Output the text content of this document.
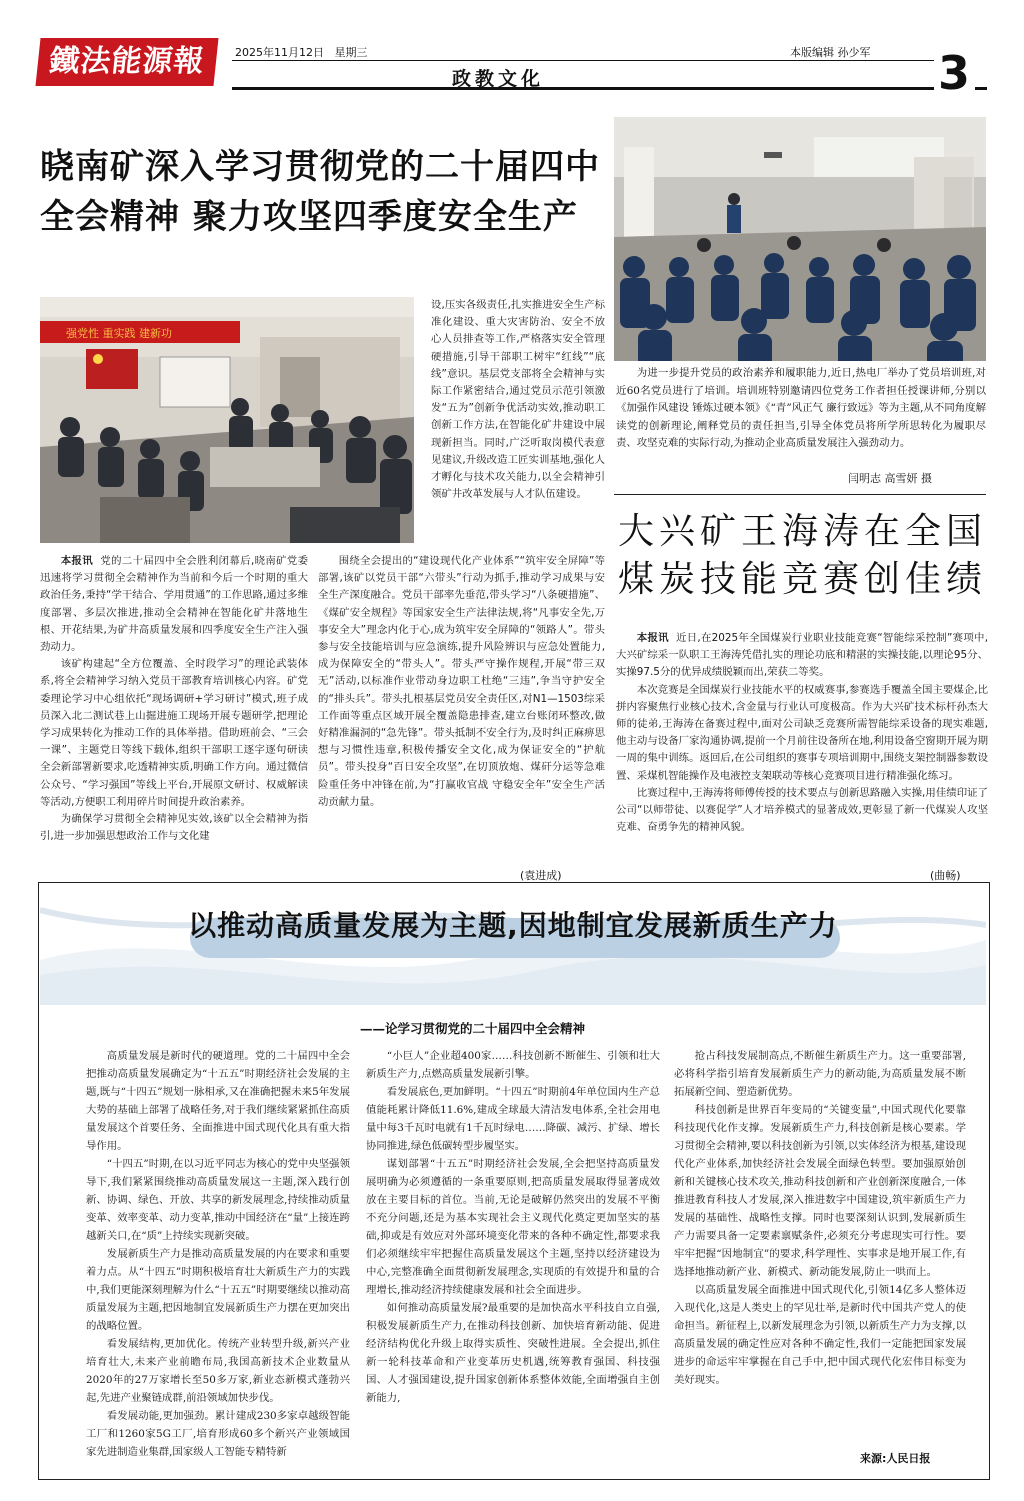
鐵法能源報	2025年11月12日 星期三	本版编辑 孙少军
政教文化	3
晓南矿深入学习贯彻党的二十届四中
全会精神 聚力攻坚四季度安全生产
强党性 重实践 建新功

设,压实各级责任,扎实推进安全生产标准化建设、重大灾害防治、安全不放心人员排查等工作,严格落实安全管理硬措施,引导干部职工树牢“红线”“底线”意识。基层党支部将全会精神与实际工作紧密结合,通过党员示范引领激发“五为”创新争优活动实效,推动职工创新工作方法,在智能化矿井建设中展现新担当。同时,广泛听取岗模代表意见建议,升级改造工匠实训基地,强化人才孵化与技术攻关能力,以全会精神引领矿井改革发展与人才队伍建设。

本报讯 党的二十届四中全会胜利闭幕后,晓南矿党委迅速将学习贯彻全会精神作为当前和今后一个时期的重大政治任务,秉持“学干结合、学用贯通”的工作思路,通过多维度部署、多层次推进,推动全会精神在智能化矿井落地生根、开花结果,为矿井高质量发展和四季度安全生产注入强劲动力。

该矿构建起“全方位覆盖、全时段学习”的理论武装体系,将全会精神学习纳入党员干部教育培训核心内容。矿党委理论学习中心组依托“现场调研+学习研讨”模式,班子成员深入北二测试巷上山掘进施工现场开展专题研学,把理论学习成果转化为推动工作的具体举措。借助班前会、“三会一课”、主题党日等线下载体,组织干部职工逐字逐句研读全会新部署新要求,吃透精神实质,明确工作方向。通过微信公众号、“学习强国”等线上平台,开展原文研讨、权威解读等活动,方便职工利用碎片时间提升政治素养。

为确保学习贯彻全会精神见实效,该矿以全会精神为指引,进一步加强思想政治工作与文化建

围绕全会提出的“建设现代化产业体系”“筑牢安全屏障”等部署,该矿以党员干部“六带头”行动为抓手,推动学习成果与安全生产深度融合。党员干部率先垂范,带头学习“八条硬措施”、《煤矿安全规程》等国家安全生产法律法规,将“凡事安全先,万事安全大”理念内化于心,成为筑牢安全屏障的“领路人”。带头参与安全技能培训与应急演练,提升风险辨识与应急处置能力,成为保障安全的“带头人”。带头严守操作规程,开展“带三双无”活动,以标准作业带动身边职工杜绝“三违”,争当守护安全的“排头兵”。带头扎根基层党员安全责任区,对N1—1503综采工作面等重点区域开展全覆盖隐患排查,建立台账闭环整改,做好精准漏洞的“急先锋”。带头抵制不安全行为,及时纠正麻痹思想与习惯性违章,积极传播安全文化,成为保证安全的“护航员”。带头投身“百日安全攻坚”,在切顶放炮、煤矸分运等急难险重任务中冲锋在前,为“打赢收官战 守稳安全年”安全生产活动贡献力量。

(袁进成)

为进一步提升党员的政治素养和履职能力,近日,热电厂举办了党员培训班,对近60名党员进行了培训。培训班特别邀请四位党务工作者担任授课讲师,分别以《加强作风建设 锤炼过硬本领》《“青”风正气 廉行致远》等为主题,从不同角度解读党的创新理论,阐释党员的责任担当,引导全体党员将所学所思转化为履职尽责、攻坚克难的实际行动,为推动企业高质量发展注入强劲动力。

闫明志 高雪妍 摄
大兴矿王海涛在全国
煤炭技能竞赛创佳绩

本报讯 近日,在2025年全国煤炭行业职业技能竞赛“智能综采控制”赛项中,大兴矿综采一队职工王海涛凭借扎实的理论功底和精湛的实操技能,以理论95分、实操97.5分的优异成绩脱颖而出,荣获二等奖。

本次竞赛是全国煤炭行业技能水平的权威赛事,参赛选手覆盖全国主要煤企,比拼内容聚焦行业核心技术,含金量与行业认可度极高。作为大兴矿技术标杆孙杰大师的徒弟,王海涛在备赛过程中,面对公司缺乏竞赛所需智能综采设备的现实难题,他主动与设备厂家沟通协调,提前一个月前往设备所在地,利用设备空窗期开展为期一周的集中训练。返回后,在公司组织的赛事专项培训期中,围绕支架控制器参数设置、采煤机智能操作及电液控支架联动等核心竞赛项目进行精准强化练习。

比赛过程中,王海涛将师傅传授的技术要点与创新思路融入实操,用佳绩印证了公司“以师带徒、以赛促学”人才培养模式的显著成效,更彰显了新一代煤炭人攻坚克难、奋勇争先的精神风貌。

(曲畅)
以推动高质量发展为主题,因地制宜发展新质生产力
——论学习贯彻党的二十届四中全会精神

高质量发展是新时代的硬道理。党的二十届四中全会把推动高质量发展确定为“十五五”时期经济社会发展的主题,既与“十四五”规划一脉相承,又在准确把握未来5年发展大势的基础上部署了战略任务,对于我们继续紧紧抓住高质量发展这个首要任务、全面推进中国式现代化具有重大指导作用。

“十四五”时期,在以习近平同志为核心的党中央坚强领导下,我们紧紧围绕推动高质量发展这一主题,深入践行创新、协调、绿色、开放、共享的新发展理念,持续推动质量变革、效率变革、动力变革,推动中国经济在“量”上接连跨越新关口,在“质”上持续实现新突破。

发展新质生产力是推动高质量发展的内在要求和重要着力点。从“十四五”时期积极培育壮大新质生产力的实践中,我们更能深刻理解为什么“十五五”时期要继续以推动高质量发展为主题,把因地制宜发展新质生产力摆在更加突出的战略位置。

看发展结构,更加优化。传统产业转型升级,新兴产业培育壮大,未来产业前瞻布局,我国高新技术企业数量从2020年的27万家增长至50多万家,新业态新模式蓬勃兴起,先进产业聚链成群,前沿领域加快步伐。

看发展动能,更加强劲。累计建成230多家卓越级智能工厂和1260家5G工厂,培育形成60多个新兴产业领域国家先进制造业集群,国家级人工智能专精特新

“小巨人”企业超400家……科技创新不断催生、引领和壮大新质生产力,点燃高质量发展新引擎。

看发展底色,更加鲜明。“十四五”时期前4年单位国内生产总值能耗累计降低11.6%,建成全球最大清洁发电体系,全社会用电量中每3千瓦时电就有1千瓦时绿电……降碳、减污、扩绿、增长协同推进,绿色低碳转型步履坚实。

谋划部署“十五五”时期经济社会发展,全会把坚持高质量发展明确为必须遵循的一条重要原则,把高质量发展取得显著成效放在主要目标的首位。当前,无论是破解仍然突出的发展不平衡不充分问题,还是为基本实现社会主义现代化奠定更加坚实的基础,抑或是有效应对外部环境变化带来的各种不确定性,都要求我们必须继续牢牢把握住高质量发展这个主题,坚持以经济建设为中心,完整准确全面贯彻新发展理念,实现质的有效提升和量的合理增长,推动经济持续健康发展和社会全面进步。

如何推动高质量发展?最重要的是加快高水平科技自立自强,积极发展新质生产力,在推动科技创新、加快培育新动能、促进经济结构优化升级上取得实质性、突破性进展。全会提出,抓住新一轮科技革命和产业变革历史机遇,统筹教育强国、科技强国、人才强国建设,提升国家创新体系整体效能,全面增强自主创新能力,

抢占科技发展制高点,不断催生新质生产力。这一重要部署,必将科学指引培育发展新质生产力的新动能,为高质量发展不断拓展新空间、塑造新优势。

科技创新是世界百年变局的“关键变量”,中国式现代化要靠科技现代化作支撑。发展新质生产力,科技创新是核心要素。学习贯彻全会精神,要以科技创新为引领,以实体经济为根基,建设现代化产业体系,加快经济社会发展全面绿色转型。要加强原始创新和关键核心技术攻关,推动科技创新和产业创新深度融合,一体推进教育科技人才发展,深入推进数字中国建设,筑牢新质生产力发展的基础性、战略性支撑。同时也要深刻认识到,发展新质生产力需要具备一定要素禀赋条件,必须充分考虑现实可行性。要牢牢把握“因地制宜”的要求,科学理性、实事求是地开展工作,有选择地推动新产业、新模式、新动能发展,防止一哄而上。

以高质量发展全面推进中国式现代化,引领14亿多人整体迈入现代化,这是人类史上的罕见壮举,是新时代中国共产党人的使命担当。新征程上,以新发展理念为引领,以新质生产力为支撑,以高质量发展的确定性应对各种不确定性,我们一定能把国家发展进步的命运牢牢掌握在自己手中,把中国式现代化宏伟目标变为美好现实。

来源:人民日报
